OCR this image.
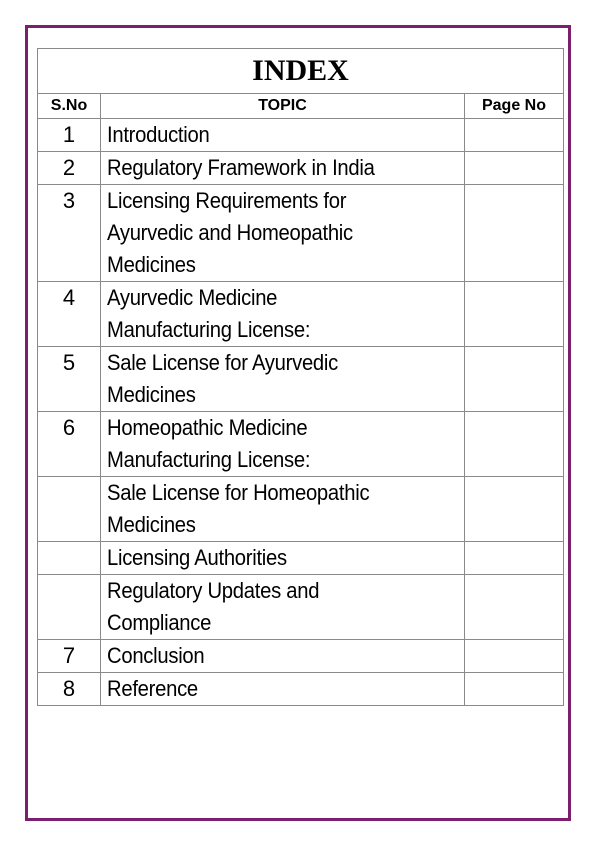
INDEX		
S.No	TOPIC	Page No
1	Introduction	

2	Regulatory Framework in India	

3	Licensing Requirements for
Ayurvedic and Homeopathic
Medicines	

4	Ayurvedic Medicine
Manufacturing License:	

5	Sale License for Ayurvedic
Medicines	

6	Homeopathic Medicine
Manufacturing License:	

	Sale License for Homeopathic
Medicines	

	Licensing Authorities	

	Regulatory Updates and
Compliance	

7	Conclusion	

8	Reference	
